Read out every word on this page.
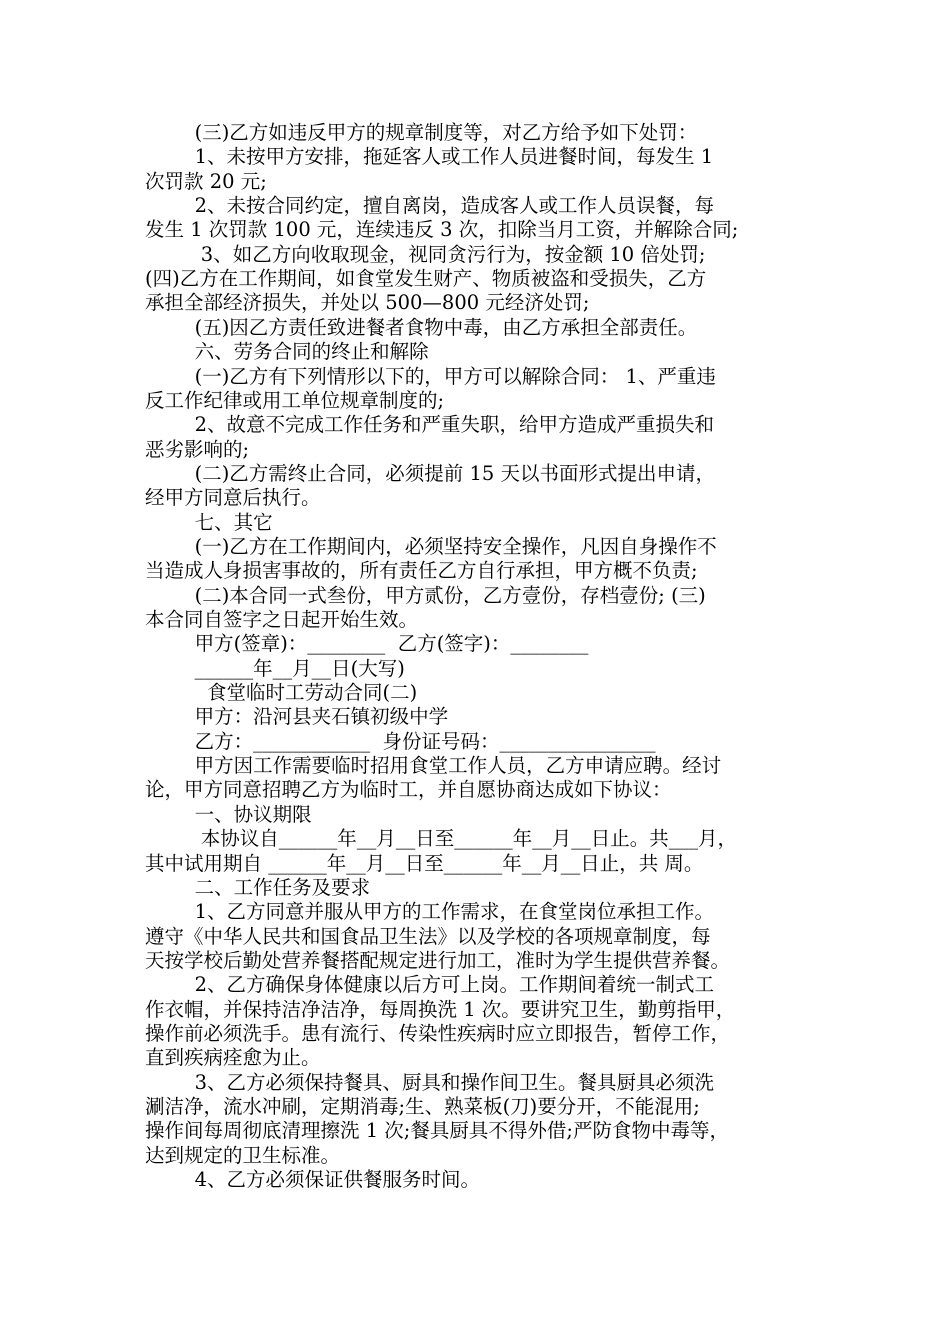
(三)乙方如违反甲方的规章制度等，对乙方给予如下处罚：
1、未按甲方安排，拖延客人或工作人员进餐时间，每发生 1
次罚款 20 元;
2、未按合同约定，擅自离岗，造成客人或工作人员误餐，每
发生 1 次罚款 100 元，连续违反 3 次，扣除当月工资，并解除合同;
3、如乙方向收取现金，视同贪污行为，按金额 10 倍处罚;
(四)乙方在工作期间，如食堂发生财产、物质被盗和受损失，乙方
承担全部经济损失，并处以 500—800 元经济处罚;
(五)因乙方责任致进餐者食物中毒，由乙方承担全部责任。
六、劳务合同的终止和解除
(一)乙方有下列情形以下的，甲方可以解除合同： 1、严重违
反工作纪律或用工单位规章制度的;
2、故意不完成工作任务和严重失职，给甲方造成严重损失和
恶劣影响的;
(二)乙方需终止合同，必须提前 15 天以书面形式提出申请，
经甲方同意后执行。
七、其它
(一)乙方在工作期间内，必须坚持安全操作，凡因自身操作不
当造成人身损害事故的，所有责任乙方自行承担，甲方概不负责;
(二)本合同一式叁份，甲方贰份，乙方壹份，存档壹份; (三)
本合同自签字之日起开始生效。
甲方(签章)：________  乙方(签字)：________
______年__月__日(大写)
食堂临时工劳动合同(二)
甲方：沿河县夹石镇初级中学
乙方：____________  身份证号码：________________
甲方因工作需要临时招用食堂工作人员，乙方申请应聘。经讨
论，甲方同意招聘乙方为临时工，并自愿协商达成如下协议：
一、协议期限
本协议自______年__月__日至______年__月__日止。共___月，
其中试用期自 ______年__月__日至______年__月__日止，共 周。
二、工作任务及要求
1、乙方同意并服从甲方的工作需求，在食堂岗位承担工作。
遵守《中华人民共和国食品卫生法》以及学校的各项规章制度，每
天按学校后勤处营养餐搭配规定进行加工，准时为学生提供营养餐。
2、乙方确保身体健康以后方可上岗。工作期间着统一制式工
作衣帽，并保持洁净洁净，每周换洗 1 次。要讲究卫生，勤剪指甲，
操作前必须洗手。患有流行、传染性疾病时应立即报告，暂停工作，
直到疾病痊愈为止。
3、乙方必须保持餐具、厨具和操作间卫生。餐具厨具必须洗
涮洁净，流水冲刷，定期消毒;生、熟菜板(刀)要分开，不能混用;
操作间每周彻底清理擦洗 1 次;餐具厨具不得外借;严防食物中毒等，
达到规定的卫生标准。
4、乙方必须保证供餐服务时间。
